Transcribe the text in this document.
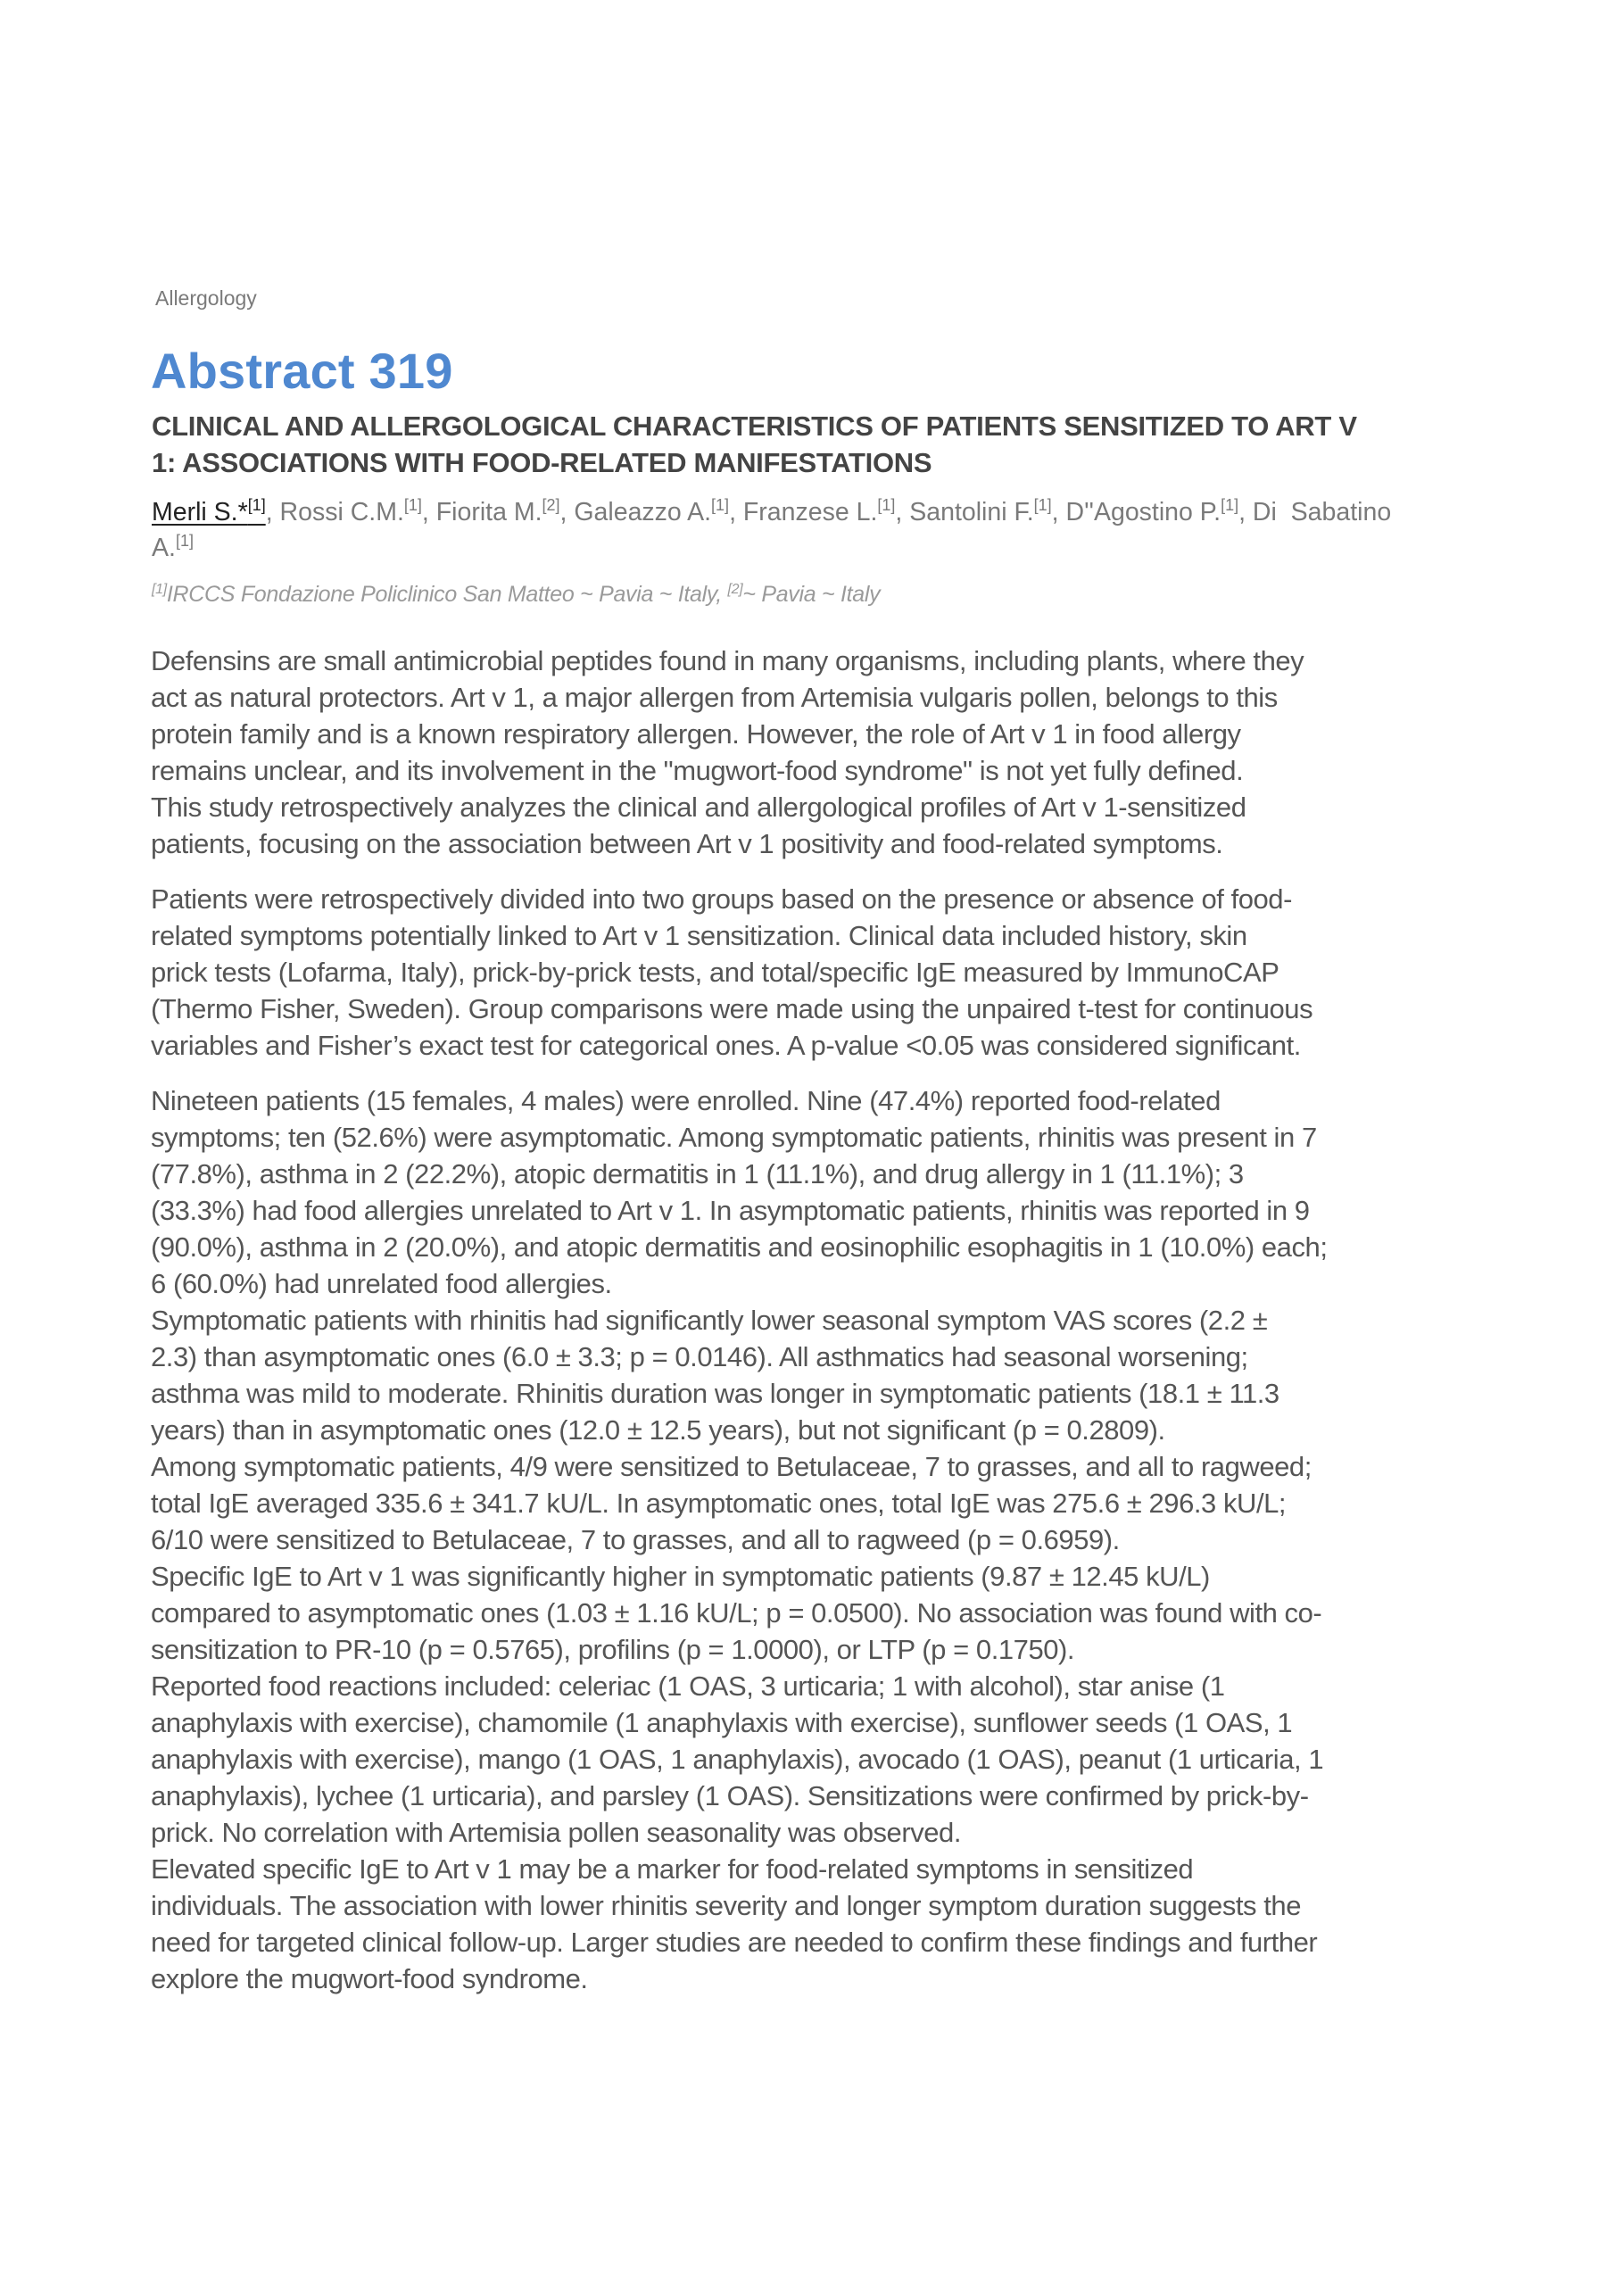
Allergology
Abstract 319
CLINICAL AND ALLERGOLOGICAL CHARACTERISTICS OF PATIENTS SENSITIZED TO ART V
1: ASSOCIATIONS WITH FOOD-RELATED MANIFESTATIONS
Merli S.*[1], Rossi C.M.[1], Fiorita M.[2], Galeazzo A.[1], Franzese L.[1], Santolini F.[1], D''Agostino P.[1], Di  Sabatino
A.[1]
[1]IRCCS Fondazione Policlinico San Matteo ~ Pavia ~ Italy, [2]~ Pavia ~ Italy
Defensins are small antimicrobial peptides found in many organisms, including plants, where they
act as natural protectors. Art v 1, a major allergen from Artemisia vulgaris pollen, belongs to this
protein family and is a known respiratory allergen. However, the role of Art v 1 in food allergy
remains unclear, and its involvement in the "mugwort-food syndrome" is not yet fully defined.
This study retrospectively analyzes the clinical and allergological profiles of Art v 1-sensitized
patients, focusing on the association between Art v 1 positivity and food-related symptoms.
Patients were retrospectively divided into two groups based on the presence or absence of food-
related symptoms potentially linked to Art v 1 sensitization. Clinical data included history, skin
prick tests (Lofarma, Italy), prick-by-prick tests, and total/specific IgE measured by ImmunoCAP
(Thermo Fisher, Sweden). Group comparisons were made using the unpaired t-test for continuous
variables and Fisher’s exact test for categorical ones. A p-value <0.05 was considered significant.
Nineteen patients (15 females, 4 males) were enrolled. Nine (47.4%) reported food-related
symptoms; ten (52.6%) were asymptomatic. Among symptomatic patients, rhinitis was present in 7
(77.8%), asthma in 2 (22.2%), atopic dermatitis in 1 (11.1%), and drug allergy in 1 (11.1%); 3
(33.3%) had food allergies unrelated to Art v 1. In asymptomatic patients, rhinitis was reported in 9
(90.0%), asthma in 2 (20.0%), and atopic dermatitis and eosinophilic esophagitis in 1 (10.0%) each;
6 (60.0%) had unrelated food allergies.
Symptomatic patients with rhinitis had significantly lower seasonal symptom VAS scores (2.2 ±
2.3) than asymptomatic ones (6.0 ± 3.3; p = 0.0146). All asthmatics had seasonal worsening;
asthma was mild to moderate. Rhinitis duration was longer in symptomatic patients (18.1 ± 11.3
years) than in asymptomatic ones (12.0 ± 12.5 years), but not significant (p = 0.2809).
Among symptomatic patients, 4/9 were sensitized to Betulaceae, 7 to grasses, and all to ragweed;
total IgE averaged 335.6 ± 341.7 kU/L. In asymptomatic ones, total IgE was 275.6 ± 296.3 kU/L;
6/10 were sensitized to Betulaceae, 7 to grasses, and all to ragweed (p = 0.6959).
Specific IgE to Art v 1 was significantly higher in symptomatic patients (9.87 ± 12.45 kU/L)
compared to asymptomatic ones (1.03 ± 1.16 kU/L; p = 0.0500). No association was found with co-
sensitization to PR-10 (p = 0.5765), profilins (p = 1.0000), or LTP (p = 0.1750).
Reported food reactions included: celeriac (1 OAS, 3 urticaria; 1 with alcohol), star anise (1
anaphylaxis with exercise), chamomile (1 anaphylaxis with exercise), sunflower seeds (1 OAS, 1
anaphylaxis with exercise), mango (1 OAS, 1 anaphylaxis), avocado (1 OAS), peanut (1 urticaria, 1
anaphylaxis), lychee (1 urticaria), and parsley (1 OAS). Sensitizations were confirmed by prick-by-
prick. No correlation with Artemisia pollen seasonality was observed.
Elevated specific IgE to Art v 1 may be a marker for food-related symptoms in sensitized
individuals. The association with lower rhinitis severity and longer symptom duration suggests the
need for targeted clinical follow-up. Larger studies are needed to confirm these findings and further
explore the mugwort-food syndrome.
